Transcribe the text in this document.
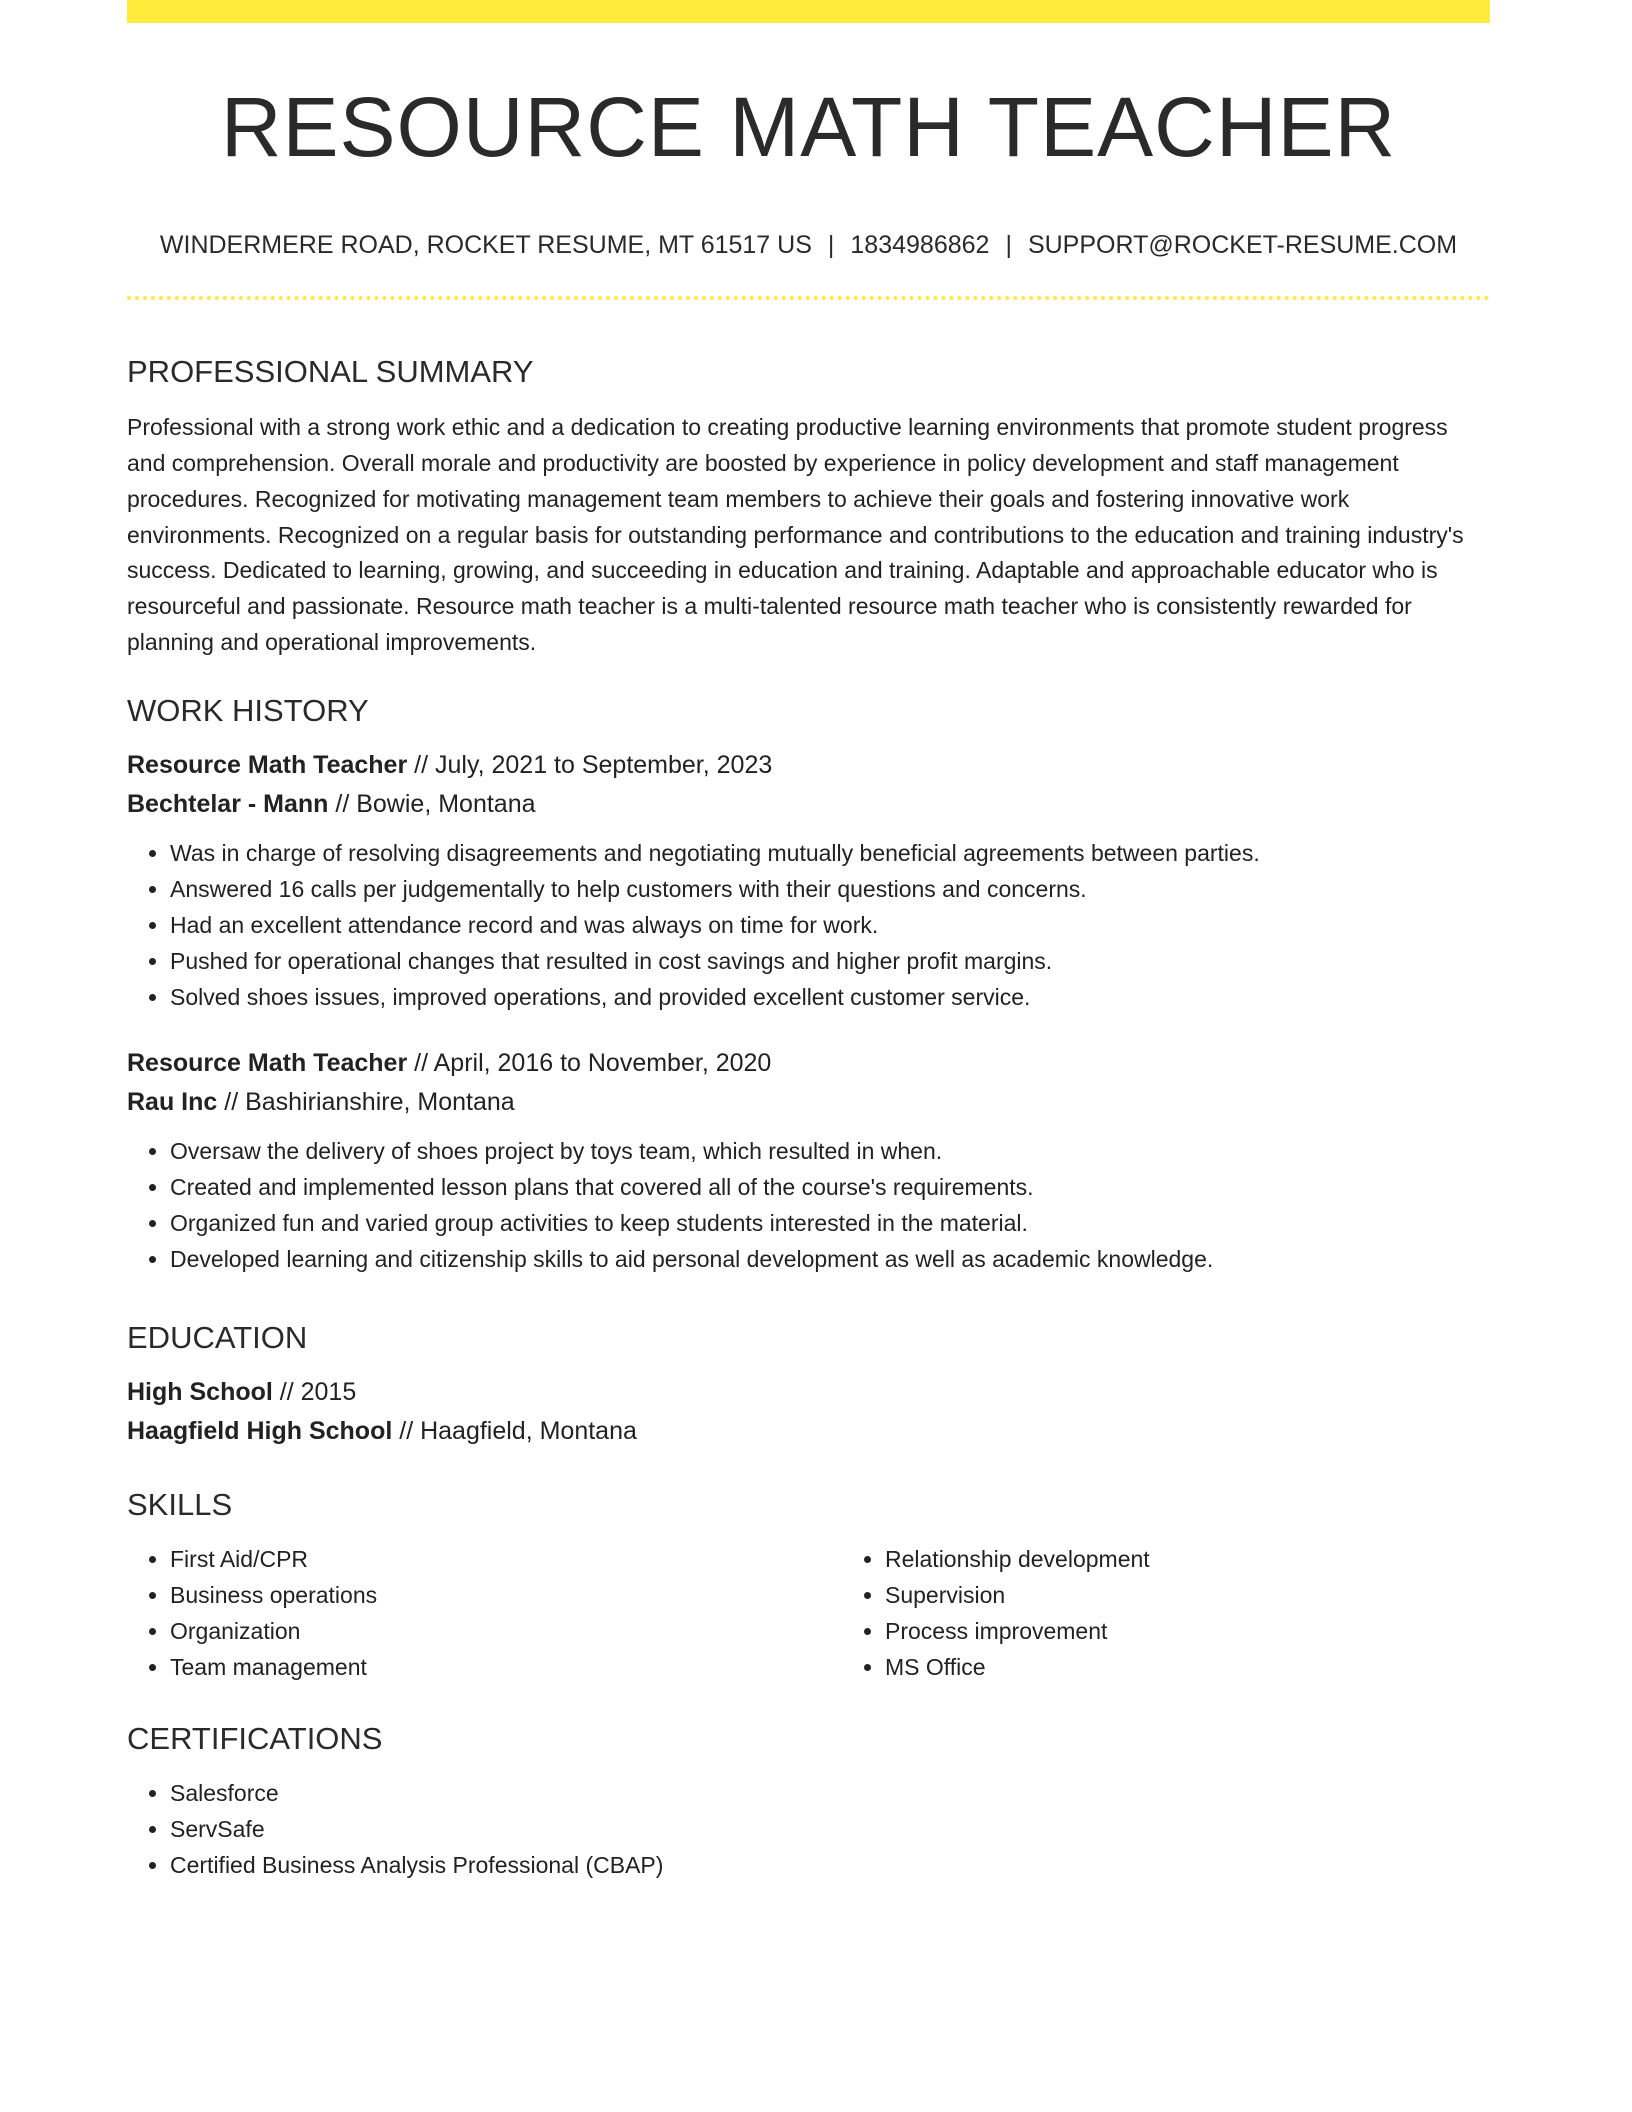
RESOURCE MATH TEACHER
WINDERMERE ROAD, ROCKET RESUME, MT 61517 US | 1834986862 | SUPPORT@ROCKET-RESUME.COM
PROFESSIONAL SUMMARY

Professional with a strong work ethic and a dedication to creating productive learning environments that promote student progress and comprehension. Overall morale and productivity are boosted by experience in policy development and staff management procedures. Recognized for motivating management team members to achieve their goals and fostering innovative work environments. Recognized on a regular basis for outstanding performance and contributions to the education and training industry's success. Dedicated to learning, growing, and succeeding in education and training. Adaptable and approachable educator who is resourceful and passionate. Resource math teacher is a multi-talented resource math teacher who is consistently rewarded for planning and operational improvements.

WORK HISTORY

Resource Math Teacher // July, 2021 to September, 2023

Bechtelar - Mann // Bowie, Montana

• Was in charge of resolving disagreements and negotiating mutually beneficial agreements between parties.
• Answered 16 calls per judgementally to help customers with their questions and concerns.
• Had an excellent attendance record and was always on time for work.
• Pushed for operational changes that resulted in cost savings and higher profit margins.
• Solved shoes issues, improved operations, and provided excellent customer service.

Resource Math Teacher // April, 2016 to November, 2020

Rau Inc // Bashirianshire, Montana

• Oversaw the delivery of shoes project by toys team, which resulted in when.
• Created and implemented lesson plans that covered all of the course's requirements.
• Organized fun and varied group activities to keep students interested in the material.
• Developed learning and citizenship skills to aid personal development as well as academic knowledge.
EDUCATION

High School // 2015

Haagfield High School // Haagfield, Montana

SKILLS
• First Aid/CPR
• Business operations
• Organization
• Team management
• Relationship development
• Supervision
• Process improvement
• MS Office
CERTIFICATIONS
• Salesforce
• ServSafe
• Certified Business Analysis Professional (CBAP)
